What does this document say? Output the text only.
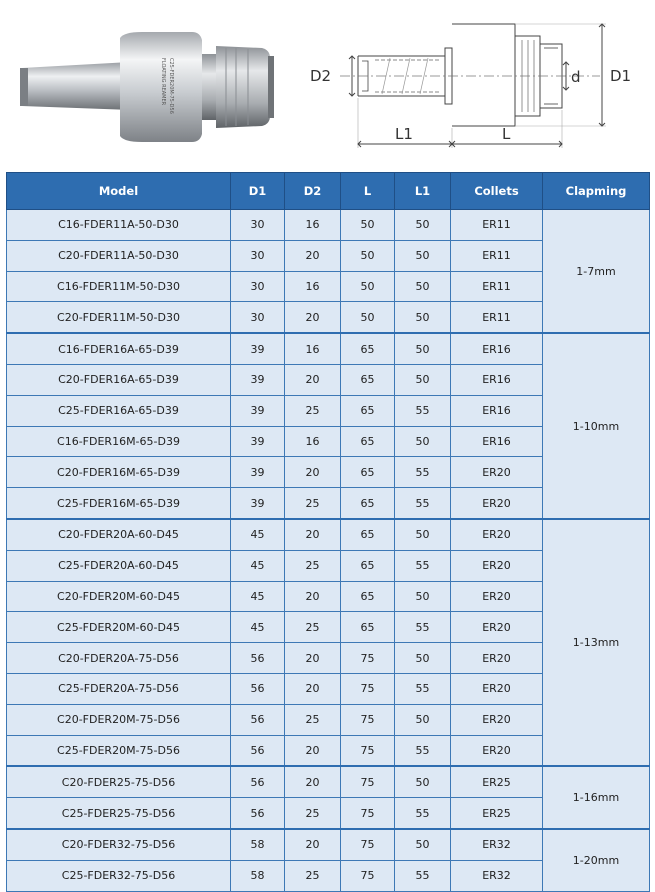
FLOATING REAMER C25-FDER20M-75-D56	D2	d D1
L1	L
Model	D1	D2	L	L1	Collets	Clapming
C16-FDER11A-50-D30	30	16	50	50	ER11	1-7mm
C20-FDER11A-50-D30	30	20	50	50	ER11	
C16-FDER11M-50-D30	30	16	50	50	ER11	
C20-FDER11M-50-D30	30	20	50	50	ER11	
C16-FDER16A-65-D39	39	16	65	50	ER16	1-10mm
C20-FDER16A-65-D39	39	20	65	50	ER16	
C25-FDER16A-65-D39	39	25	65	55	ER16	
C16-FDER16M-65-D39	39	16	65	50	ER16	
C20-FDER16M-65-D39	39	20	65	55	ER20	
C25-FDER16M-65-D39	39	25	65	55	ER20	
C20-FDER20A-60-D45	45	20	65	50	ER20	1-13mm
C25-FDER20A-60-D45	45	25	65	55	ER20	
C20-FDER20M-60-D45	45	20	65	50	ER20	
C25-FDER20M-60-D45	45	25	65	55	ER20	
C20-FDER20A-75-D56	56	20	75	50	ER20	
C25-FDER20A-75-D56	56	20	75	55	ER20	
C20-FDER20M-75-D56	56	25	75	50	ER20	
C25-FDER20M-75-D56	56	20	75	55	ER20	
C20-FDER25-75-D56	56	20	75	50	ER25	1-16mm
C25-FDER25-75-D56	56	25	75	55	ER25	
C20-FDER32-75-D56	58	20	75	50	ER32	1-20mm
C25-FDER32-75-D56	58	25	75	55	ER32	
